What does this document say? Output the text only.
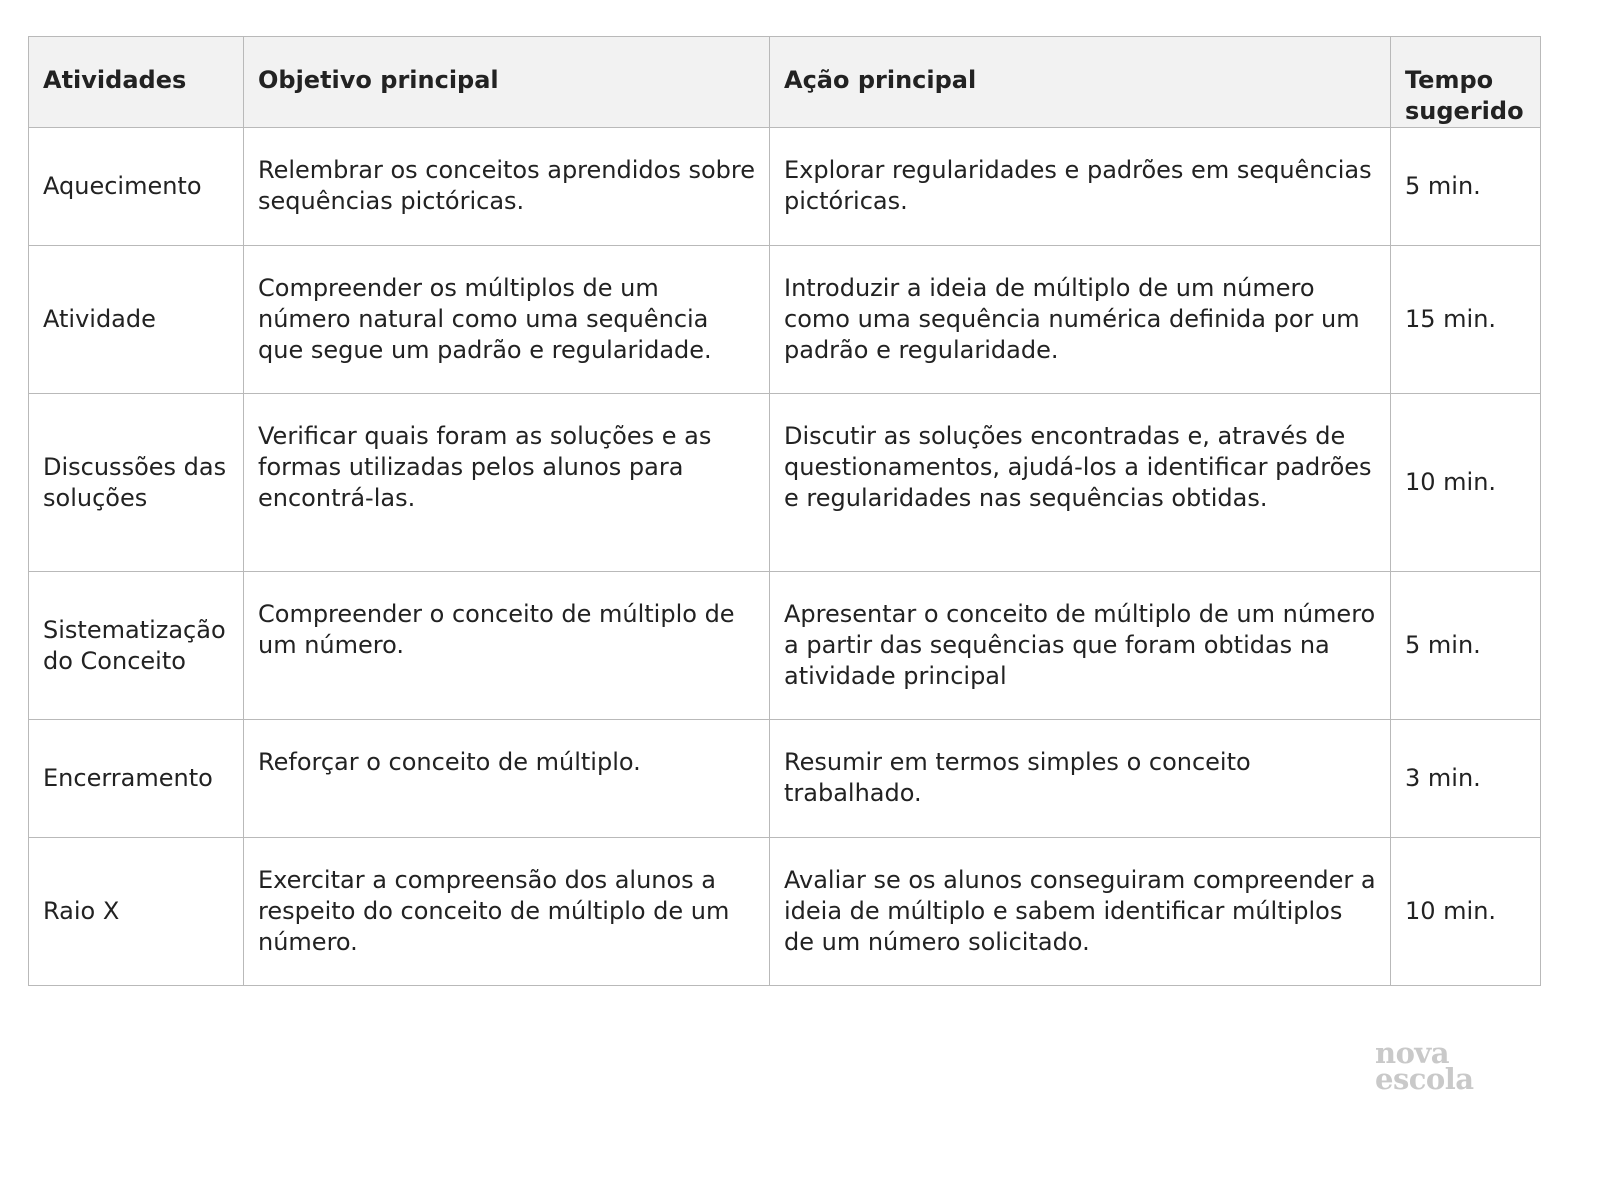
Atividades	Objetivo principal	Ação principal	Tempo sugerido
Aquecimento	Relembrar os conceitos aprendidos sobre sequências pictóricas.	Explorar regularidades e padrões em sequências pictóricas.	5 min.
Atividade	Compreender os múltiplos de um número natural como uma sequência que segue um padrão e regularidade.	Introduzir a ideia de múltiplo de um número como uma sequência numérica definida por um padrão e regularidade.	15 min.
Discussões das soluções	Verificar quais foram as soluções e as formas utilizadas pelos alunos para encontrá-las.	Discutir as soluções encontradas e, através de questionamentos, ajudá-los a identificar padrões e regularidades nas sequências obtidas.	10 min.
Sistematização do Conceito	Compreender o conceito de múltiplo de um número.	Apresentar o conceito de múltiplo de um número a partir das sequências que foram obtidas na atividade principal	5 min.
Encerramento	Reforçar o conceito de múltiplo.	Resumir em termos simples o conceito trabalhado.	3 min.
Raio X	Exercitar a compreensão dos alunos a respeito do conceito de múltiplo de um número.	Avaliar se os alunos conseguiram compreender a ideia de múltiplo e sabem identificar múltiplos de um número solicitado.	10 min.
nova
escola
